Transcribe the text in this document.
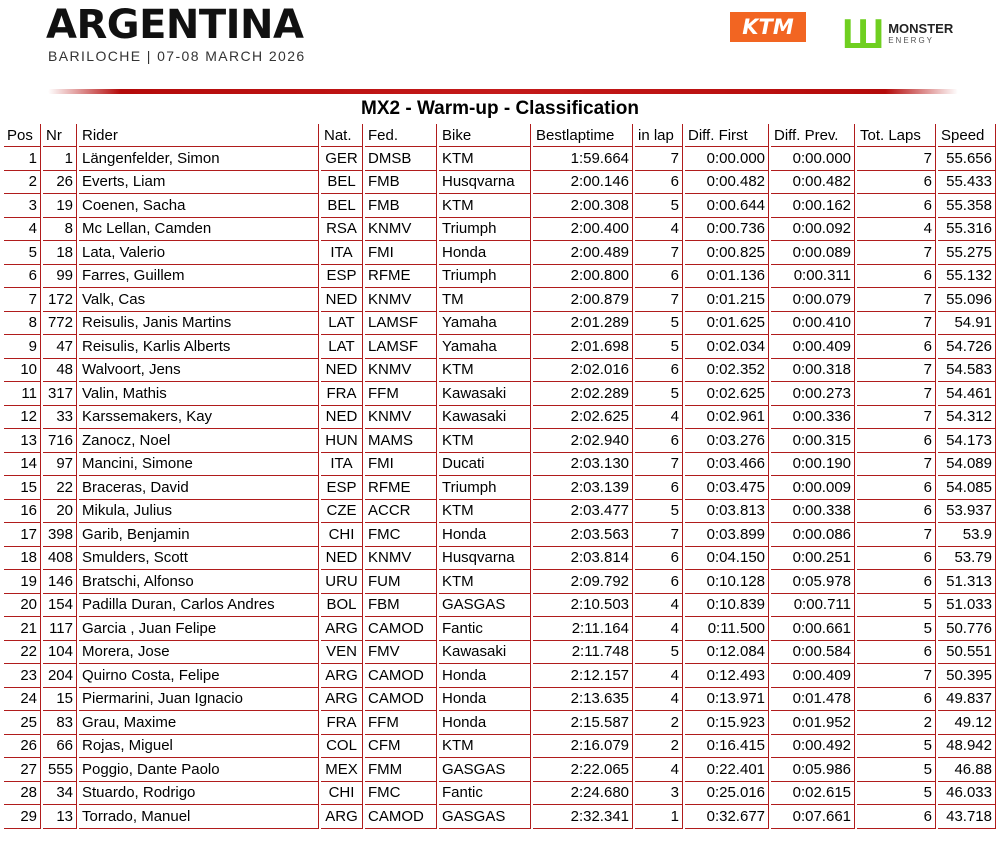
ARGENTINA
BARILOCHE | 07-08 MARCH 2026
KTM Ш MONSTER
ENERGY
MX2 - Warm-up - Classification
Pos	Nr	Rider	Nat.	Fed.	Bike	Bestlaptime	in lap	Diff. First	Diff. Prev.	Tot. Laps	Speed
1	1	Längenfelder, Simon	GER	DMSB	KTM	1:59.664	7	0:00.000	0:00.000	7	55.656
2	26	Everts, Liam	BEL	FMB	Husqvarna	2:00.146	6	0:00.482	0:00.482	6	55.433
3	19	Coenen, Sacha	BEL	FMB	KTM	2:00.308	5	0:00.644	0:00.162	6	55.358
4	8	Mc Lellan, Camden	RSA	KNMV	Triumph	2:00.400	4	0:00.736	0:00.092	4	55.316
5	18	Lata, Valerio	ITA	FMI	Honda	2:00.489	7	0:00.825	0:00.089	7	55.275
6	99	Farres, Guillem	ESP	RFME	Triumph	2:00.800	6	0:01.136	0:00.311	6	55.132
7	172	Valk, Cas	NED	KNMV	TM	2:00.879	7	0:01.215	0:00.079	7	55.096
8	772	Reisulis, Janis Martins	LAT	LAMSF	Yamaha	2:01.289	5	0:01.625	0:00.410	7	54.91
9	47	Reisulis, Karlis Alberts	LAT	LAMSF	Yamaha	2:01.698	5	0:02.034	0:00.409	6	54.726
10	48	Walvoort, Jens	NED	KNMV	KTM	2:02.016	6	0:02.352	0:00.318	7	54.583
11	317	Valin, Mathis	FRA	FFM	Kawasaki	2:02.289	5	0:02.625	0:00.273	7	54.461
12	33	Karssemakers, Kay	NED	KNMV	Kawasaki	2:02.625	4	0:02.961	0:00.336	7	54.312
13	716	Zanocz, Noel	HUN	MAMS	KTM	2:02.940	6	0:03.276	0:00.315	6	54.173
14	97	Mancini, Simone	ITA	FMI	Ducati	2:03.130	7	0:03.466	0:00.190	7	54.089
15	22	Braceras, David	ESP	RFME	Triumph	2:03.139	6	0:03.475	0:00.009	6	54.085
16	20	Mikula, Julius	CZE	ACCR	KTM	2:03.477	5	0:03.813	0:00.338	6	53.937
17	398	Garib, Benjamin	CHI	FMC	Honda	2:03.563	7	0:03.899	0:00.086	7	53.9
18	408	Smulders, Scott	NED	KNMV	Husqvarna	2:03.814	6	0:04.150	0:00.251	6	53.79
19	146	Bratschi, Alfonso	URU	FUM	KTM	2:09.792	6	0:10.128	0:05.978	6	51.313
20	154	Padilla Duran, Carlos Andres	BOL	FBM	GASGAS	2:10.503	4	0:10.839	0:00.711	5	51.033
21	117	Garcia , Juan Felipe	ARG	CAMOD	Fantic	2:11.164	4	0:11.500	0:00.661	5	50.776
22	104	Morera, Jose	VEN	FMV	Kawasaki	2:11.748	5	0:12.084	0:00.584	6	50.551
23	204	Quirno Costa, Felipe	ARG	CAMOD	Honda	2:12.157	4	0:12.493	0:00.409	7	50.395
24	15	Piermarini, Juan Ignacio	ARG	CAMOD	Honda	2:13.635	4	0:13.971	0:01.478	6	49.837
25	83	Grau, Maxime	FRA	FFM	Honda	2:15.587	2	0:15.923	0:01.952	2	49.12
26	66	Rojas, Miguel	COL	CFM	KTM	2:16.079	2	0:16.415	0:00.492	5	48.942
27	555	Poggio, Dante Paolo	MEX	FMM	GASGAS	2:22.065	4	0:22.401	0:05.986	5	46.88
28	34	Stuardo, Rodrigo	CHI	FMC	Fantic	2:24.680	3	0:25.016	0:02.615	5	46.033
29	13	Torrado, Manuel	ARG	CAMOD	GASGAS	2:32.341	1	0:32.677	0:07.661	6	43.718
